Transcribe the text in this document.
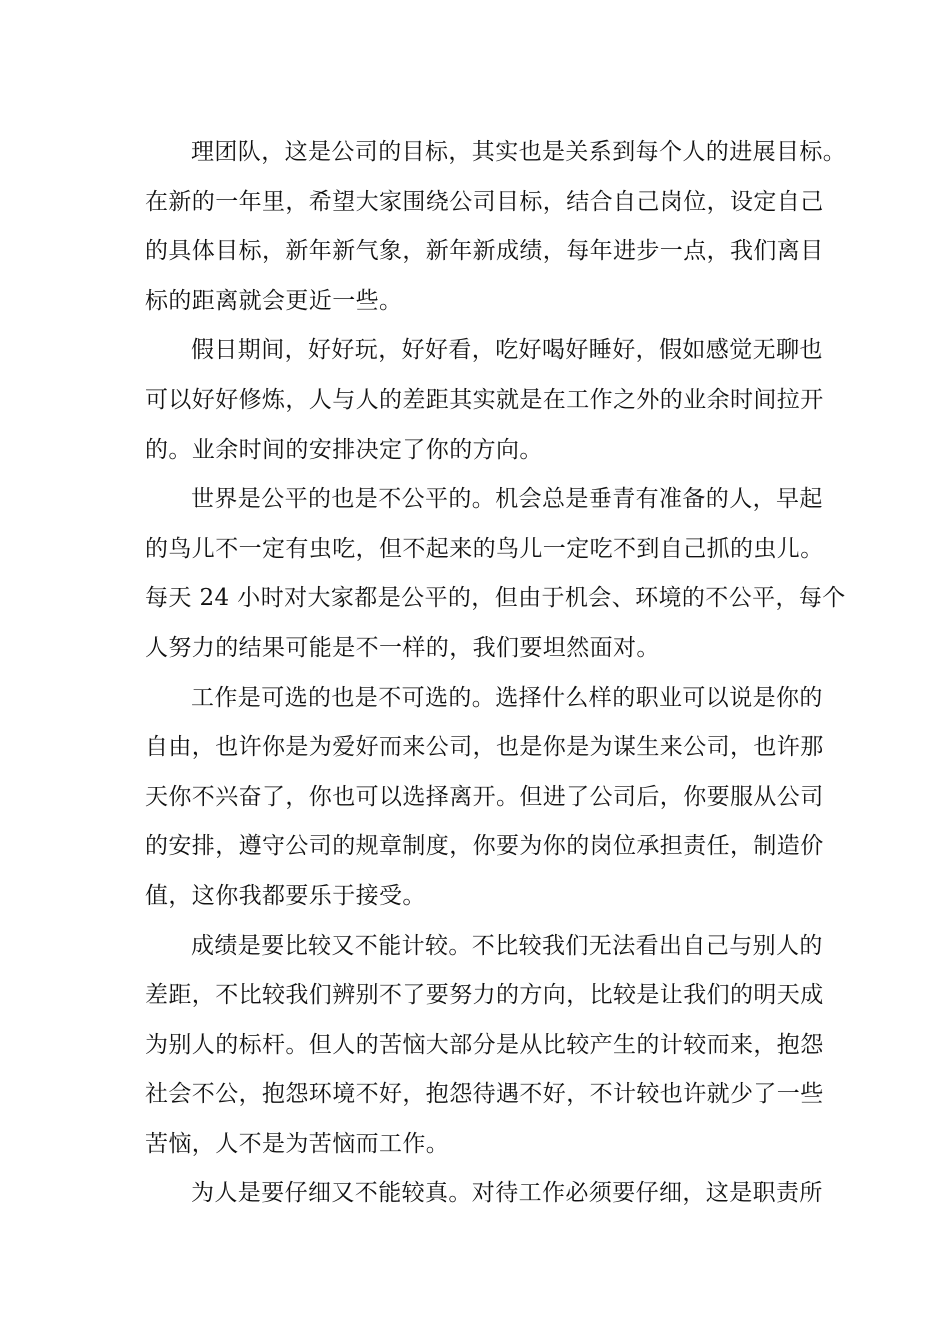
理团队，这是公司的目标，其实也是关系到每个人的进展目标。
在新的一年里，希望大家围绕公司目标，结合自己岗位，设定自己
的具体目标，新年新气象，新年新成绩，每年进步一点，我们离目
标的距离就会更近一些。
假日期间，好好玩，好好看，吃好喝好睡好，假如感觉无聊也
可以好好修炼，人与人的差距其实就是在工作之外的业余时间拉开
的。业余时间的安排决定了你的方向。
世界是公平的也是不公平的。机会总是垂青有准备的人，早起
的鸟儿不一定有虫吃，但不起来的鸟儿一定吃不到自己抓的虫儿。
每天 24 小时对大家都是公平的，但由于机会、环境的不公平，每个
人努力的结果可能是不一样的，我们要坦然面对。
工作是可选的也是不可选的。选择什么样的职业可以说是你的
自由，也许你是为爱好而来公司，也是你是为谋生来公司，也许那
天你不兴奋了，你也可以选择离开。但进了公司后，你要服从公司
的安排，遵守公司的规章制度，你要为你的岗位承担责任，制造价
值，这你我都要乐于接受。
成绩是要比较又不能计较。不比较我们无法看出自己与别人的
差距，不比较我们辨别不了要努力的方向，比较是让我们的明天成
为别人的标杆。但人的苦恼大部分是从比较产生的计较而来，抱怨
社会不公，抱怨环境不好，抱怨待遇不好，不计较也许就少了一些
苦恼，人不是为苦恼而工作。
为人是要仔细又不能较真。对待工作必须要仔细，这是职责所
